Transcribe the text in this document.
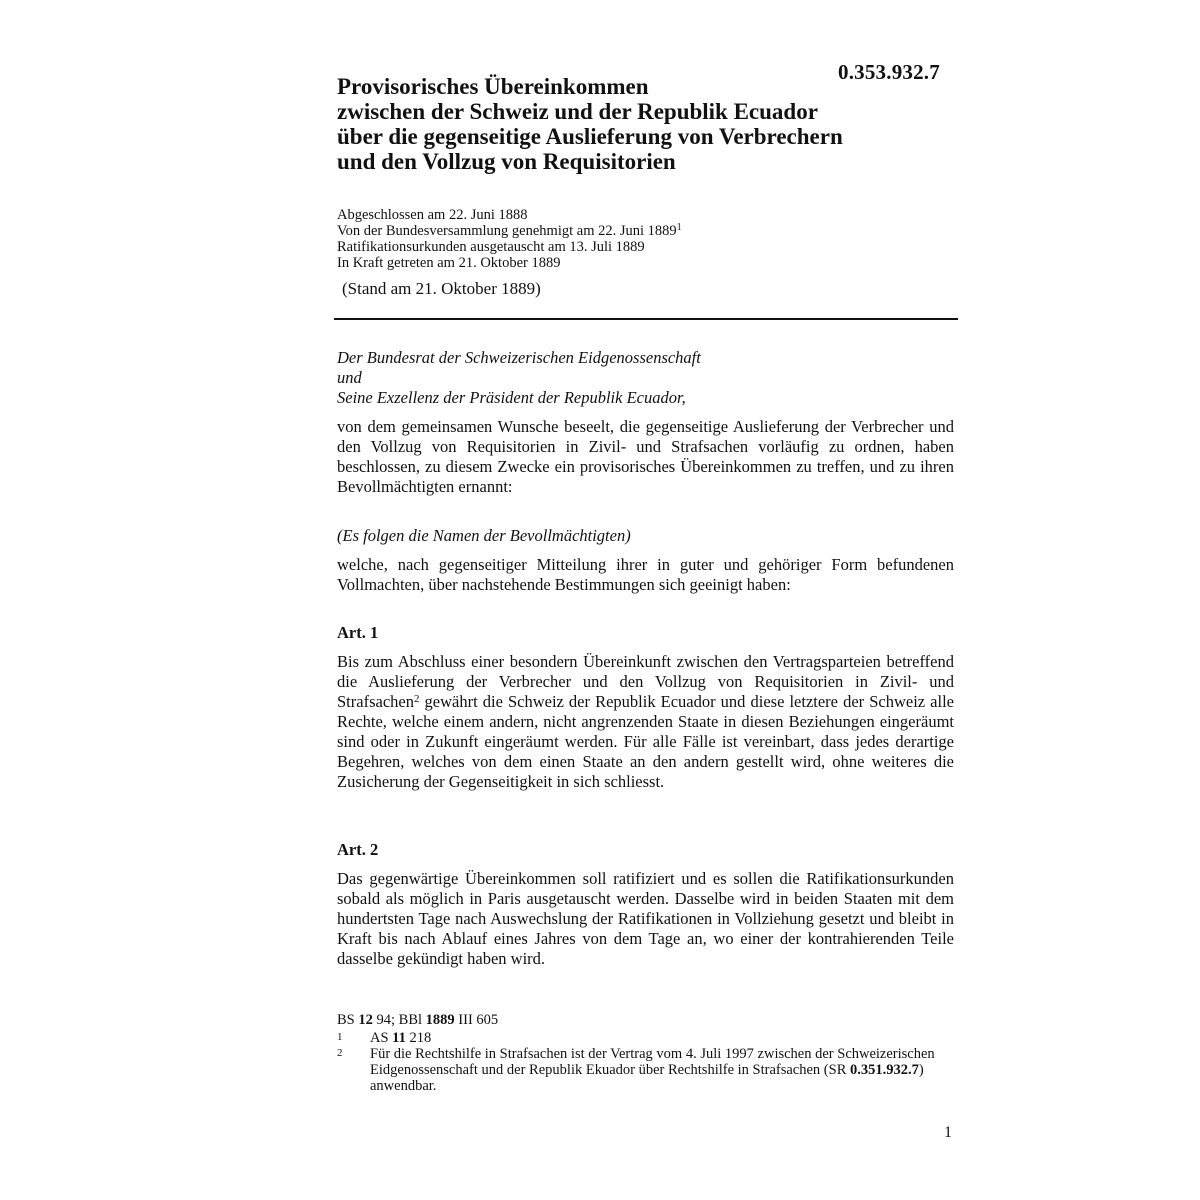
0.353.932.7
Provisorisches Übereinkommen
zwischen der Schweiz und der Republik Ecuador
über die gegenseitige Auslieferung von Verbrechern
und den Vollzug von Requisitorien
Abgeschlossen am 22. Juni 1888
Von der Bundesversammlung genehmigt am 22. Juni 1889$^1$
Ratifikationsurkunden ausgetauscht am 13. Juli 1889
In Kraft getreten am 21. Oktober 1889
(Stand am 21. Oktober 1889)
Der Bundesrat der Schweizerischen Eidgenossenschaft
und
Seine Exzellenz der Präsident der Republik Ecuador,
von dem gemeinsamen Wunsche beseelt, die gegenseitige Auslieferung der Verbrecher und den Vollzug von Requisitorien in Zivil- und Strafsachen vorläufig zu ordnen, haben beschlossen, zu diesem Zwecke ein provisorisches Übereinkommen zu treffen, und zu ihren Bevollmächtigten ernannt:
(Es folgen die Namen der Bevollmächtigten)
welche, nach gegenseitiger Mitteilung ihrer in guter und gehöriger Form befundenen Vollmachten, über nachstehende Bestimmungen sich geeinigt haben:
Art. 1
Bis zum Abschluss einer besondern Übereinkunft zwischen den Vertragsparteien betreffend die Auslieferung der Verbrecher und den Vollzug von Requisitorien in Zivil- und Strafsachen$^2$ gewährt die Schweiz der Republik Ecuador und diese letztere der Schweiz alle Rechte, welche einem andern, nicht angrenzenden Staate in diesen Beziehungen eingeräumt sind oder in Zukunft eingeräumt werden. Für alle Fälle ist vereinbart, dass jedes derartige Begehren, welches von dem einen Staate an den andern gestellt wird, ohne weiteres die Zusicherung der Gegenseitigkeit in sich schliesst.
Art. 2
Das gegenwärtige Übereinkommen soll ratifiziert und es sollen die Ratifikationsurkunden sobald als möglich in Paris ausgetauscht werden. Dasselbe wird in beiden Staaten mit dem hundertsten Tage nach Auswechslung der Ratifikationen in Vollziehung gesetzt und bleibt in Kraft bis nach Ablauf eines Jahres von dem Tage an, wo einer der kontrahierenden Teile dasselbe gekündigt haben wird.
BS 12 94; BBl 1889 III 605
1	AS 11 218
2	Für die Rechtshilfe in Strafsachen ist der Vertrag vom 4. Juli 1997 zwischen der Schweizerischen Eidgenossenschaft und der Republik Ekuador über Rechtshilfe in Strafsachen (SR 0.351.932.7) anwendbar.
1
